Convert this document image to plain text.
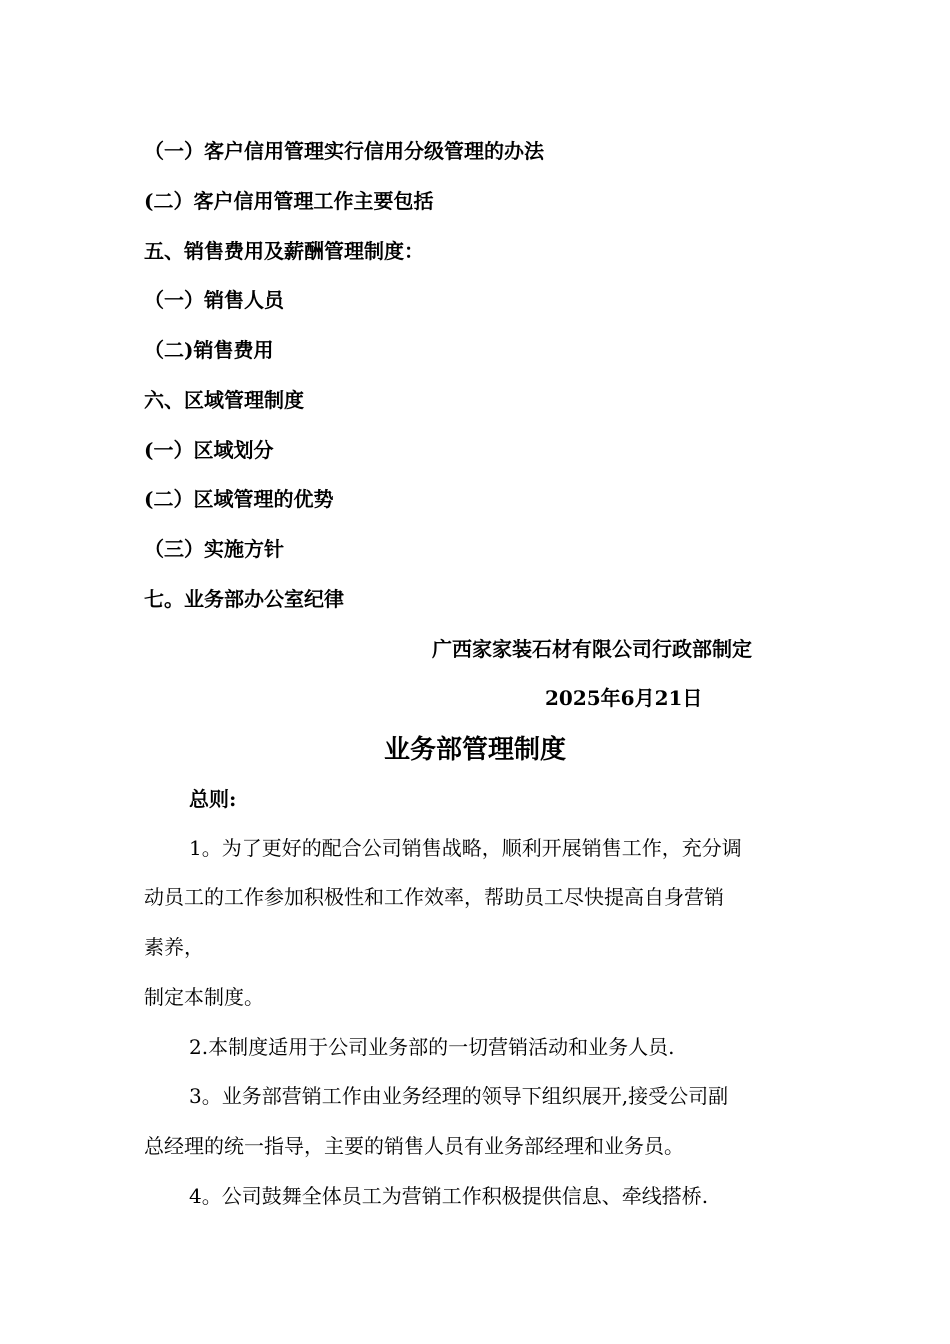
（一）客户信用管理实行信用分级管理的办法
(二）客户信用管理工作主要包括
五、销售费用及薪酬管理制度：
（一）销售人员
（二)销售费用
六、区域管理制度
(一）区域划分
(二）区域管理的优势
（三）实施方针
七。业务部办公室纪律
广西家家装石材有限公司行政部制定
2025年6月21日
业务部管理制度
总则:
1。为了更好的配合公司销售战略，顺利开展销售工作，充分调
动员工的工作参加积极性和工作效率，帮助员工尽快提高自身营销
素养，
制定本制度。
2.本制度适用于公司业务部的一切营销活动和业务人员.
3。业务部营销工作由业务经理的领导下组织展开,接受公司副
总经理的统一指导，主要的销售人员有业务部经理和业务员。
4。公司鼓舞全体员工为营销工作积极提供信息、牵线搭桥.
